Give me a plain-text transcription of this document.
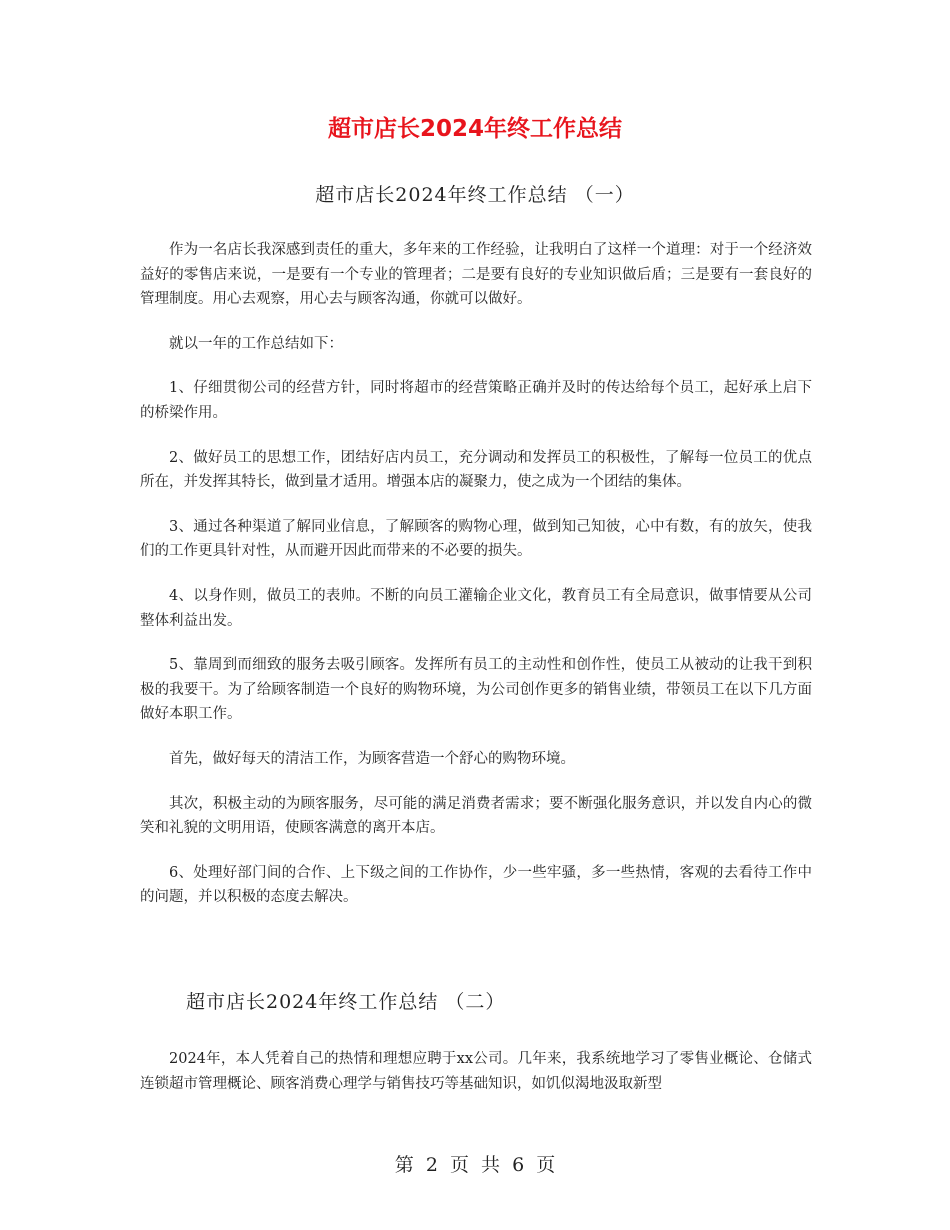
超市店长2024年终工作总结
超市店长2024年终工作总结 （一）

作为一名店长我深感到责任的重大，多年来的工作经验，让我明白了这样一个道理：对于一个经济效益好的零售店来说，一是要有一个专业的管理者；二是要有良好的专业知识做后盾；三是要有一套良好的管理制度。用心去观察，用心去与顾客沟通，你就可以做好。

就以一年的工作总结如下：

1、仔细贯彻公司的经营方针，同时将超市的经营策略正确并及时的传达给每个员工，起好承上启下的桥梁作用。

2、做好员工的思想工作，团结好店内员工，充分调动和发挥员工的积极性，了解每一位员工的优点所在，并发挥其特长，做到量才适用。增强本店的凝聚力，使之成为一个团结的集体。

3、通过各种渠道了解同业信息，了解顾客的购物心理，做到知己知彼，心中有数，有的放矢，使我们的工作更具针对性，从而避开因此而带来的不必要的损失。

4、以身作则，做员工的表帅。不断的向员工灌输企业文化，教育员工有全局意识，做事情要从公司整体利益出发。

5、靠周到而细致的服务去吸引顾客。发挥所有员工的主动性和创作性，使员工从被动的让我干到积极的我要干。为了给顾客制造一个良好的购物环境，为公司创作更多的销售业绩，带领员工在以下几方面做好本职工作。

首先，做好每天的清洁工作，为顾客营造一个舒心的购物环境。

其次，积极主动的为顾客服务，尽可能的满足消费者需求；要不断强化服务意识，并以发自内心的微笑和礼貌的文明用语，使顾客满意的离开本店。

6、处理好部门间的合作、上下级之间的工作协作，少一些牢骚，多一些热情，客观的去看待工作中的问题，并以积极的态度去解决。

超市店长2024年终工作总结 （二）

2024年，本人凭着自己的热情和理想应聘于xx公司。几年来，我系统地学习了零售业概论、仓储式连锁超市管理概论、顾客消费心理学与销售技巧等基础知识，如饥似渴地汲取新型

第 2 页 共 6 页
